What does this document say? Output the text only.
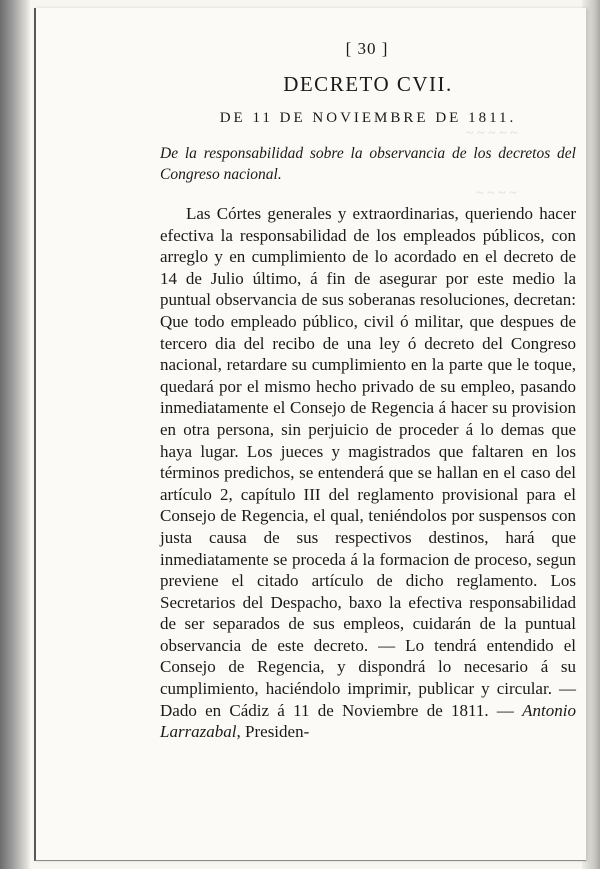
~ ~ ~ ~ ~
~ ~ ~ ~
[ 30 ]
DECRETO CVII.
DE 11 DE NOVIEMBRE DE 1811.
De la responsabilidad sobre la observancia de los decretos del Congreso nacional.

Las Córtes generales y extraordinarias, queriendo hacer efectiva la responsabilidad de los empleados públicos, con arreglo y en cumplimiento de lo acordado en el decreto de 14 de Julio último, á fin de asegurar por este medio la puntual observancia de sus soberanas resoluciones, decretan: Que todo empleado público, civil ó militar, que despues de tercero dia del recibo de una ley ó decreto del Congreso nacional, retardare su cumplimiento en la parte que le toque, quedará por el mismo hecho privado de su empleo, pasando inmediatamente el Consejo de Regencia á hacer su provision en otra persona, sin perjuicio de proceder á lo demas que haya lugar. Los jueces y magistrados que faltaren en los términos predichos, se entenderá que se hallan en el caso del artículo 2, capítulo III del reglamento provisional para el Consejo de Regencia, el qual, teniéndolos por suspensos con justa causa de sus respectivos destinos, hará que inmediatamente se proceda á la formacion de proceso, segun previene el citado artículo de dicho reglamento. Los Secretarios del Despacho, baxo la efectiva responsabilidad de ser separados de sus empleos, cuidarán de la puntual observancia de este decreto. — Lo tendrá entendido el Consejo de Regencia, y dispondrá lo necesario á su cumplimiento, haciéndolo imprimir, publicar y circular. — Dado en Cádiz á 11 de Noviembre de 1811. — Antonio Larrazabal, Presiden-
